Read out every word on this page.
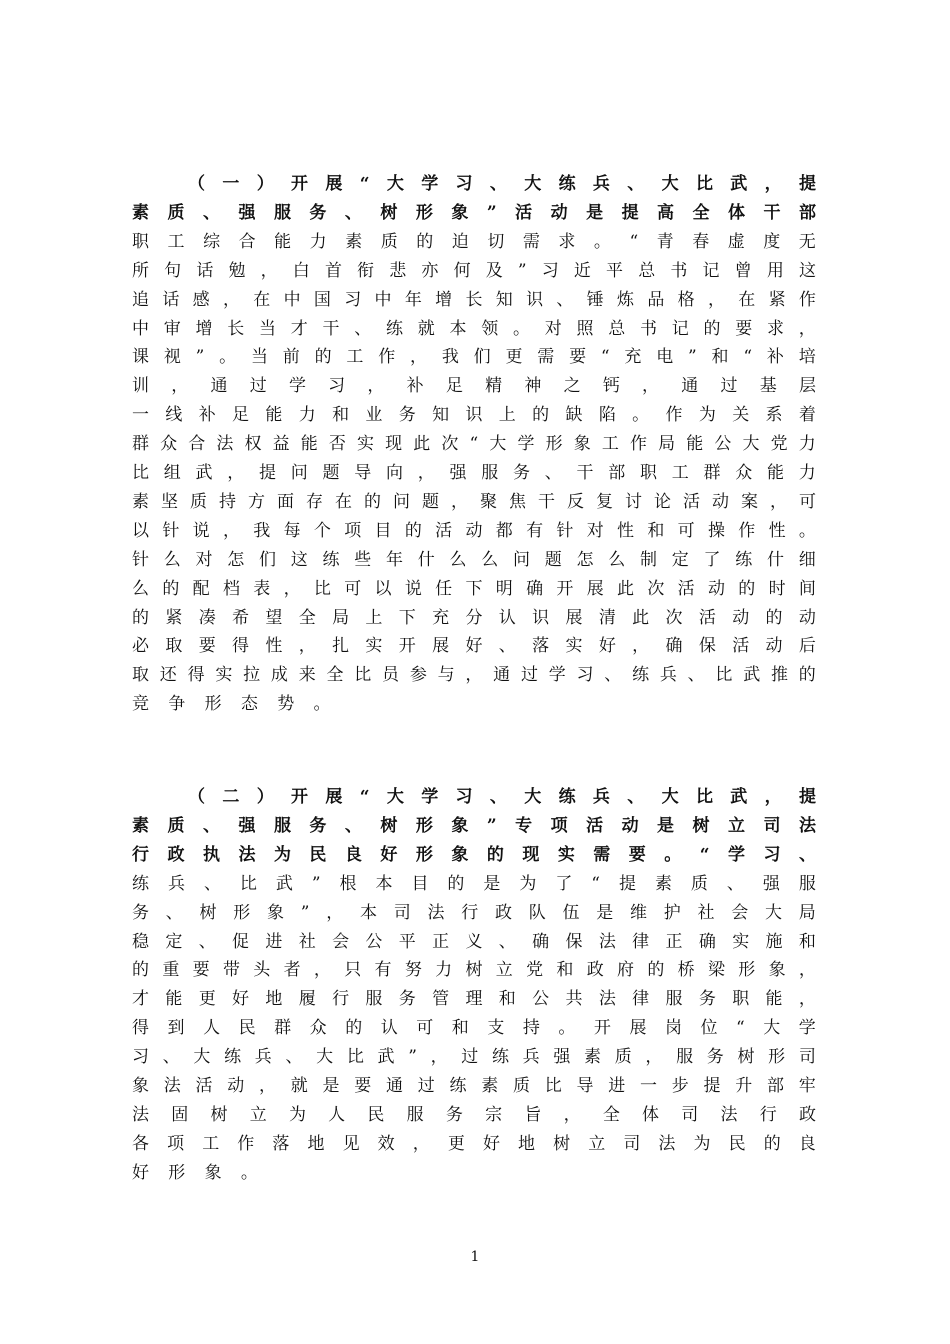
（ 一 ） 开 展 “ 大 学 习 、 大 练 兵 、 大 比 武 ， 提
素 质 、 强 服 务 、 树 形 象 ” 活 动 是 提 高 全 体 干 部
职 工 综 合 能 力 素 质 的 迫 切 需 求 。 “ 青 春 虚 度 无
所 句 话 勉 ， 白 首 衔 悲 亦 何 及 ” 习 近 平 总 书 记 曾 用 这
追 话 感 ， 在 中 国 习 中 年 增 长 知 识 、 锤 炼 品 格 ， 在 紧 作
中 审 增 长 当 才 干 、 练 就 本 领 。 对 照 总 书 记 的 要 求 ，
课 视 ” 。 当 前 的 工 作 ， 我 们 更 需 要 “ 充 电 ” 和 “ 补 培
训 ， 通 过 学 习 ， 补 足 精 神 之 钙 ， 通 过 基 层
一 线 补 足 能 力 和 业 务 知 识 上 的 缺 陷 。 作 为 关 系 着
群 众 合 法 权 益 能 否 实 现 此 次 “ 大 学 形 象 工 作 局 能 公 大 党 力
比 组 武 ， 提 问 题 导 向 ， 强 服 务 、 干 部 职 工 群 众 能 力
素 坚 质 持 方 面 存 在 的 问 题 ， 聚 焦 干 反 复 讨 论 活 动 案 ， 可
以 针 说 ， 我 每 个 项 目 的 活 动 都 有 针 对 性 和 可 操 作 性 。
针 么 对 怎 们 这 练 些 年 什 么 么 问 题 怎 么 制 定 了 练 什 细
么 的 配 档 表 ， 比 可 以 说 任 下 明 确 开 展 此 次 活 动 的 时 间
的 紧 凑 希 望 全 局 上 下 充 分 认 识 展 清 此 次 活 动 的 动
必 取 要 得 性 ， 扎 实 开 展 好 、 落 实 好 ， 确 保 活 动 后
取 还 得 实 拉 成 来 全 比 员 参 与 ， 通 过 学 习 、 练 兵 、 比 武 推 的
竞 争 形 态 势 。
（ 二 ） 开 展 “ 大 学 习 、 大 练 兵 、 大 比 武 ， 提
素 质 、 强 服 务 、 树 形 象 ” 专 项 活 动 是 树 立 司 法
行 政 执 法 为 民 良 好 形 象 的 现 实 需 要 。 “ 学 习 、
练 兵 、 比 武 ” 根 本 目 的 是 为 了 “ 提 素 质 、 强 服
务 、 树 形 象 ” ， 本 司 法 行 政 队 伍 是 维 护 社 会 大 局
稳 定 、 促 进 社 会 公 平 正 义 、 确 保 法 律 正 确 实 施 和
的 重 要 带 头 者 ， 只 有 努 力 树 立 党 和 政 府 的 桥 梁 形 象 ，
才 能 更 好 地 履 行 服 务 管 理 和 公 共 法 律 服 务 职 能 ，
得 到 人 民 群 众 的 认 可 和 支 持 。 开 展 岗 位 “ 大 学
习 、 大 练 兵 、 大 比 武 ” ， 过 练 兵 强 素 质 ， 服 务 树 形 司
象 法 活 动 ， 就 是 要 通 过 练 素 质 比 导 进 一 步 提 升 部 牢
法 固 树 立 为 人 民 服 务 宗 旨 ， 全 体 司 法 行 政
各 项 工 作 落 地 见 效 ， 更 好 地 树 立 司 法 为 民 的 良
好 形 象 。
1
